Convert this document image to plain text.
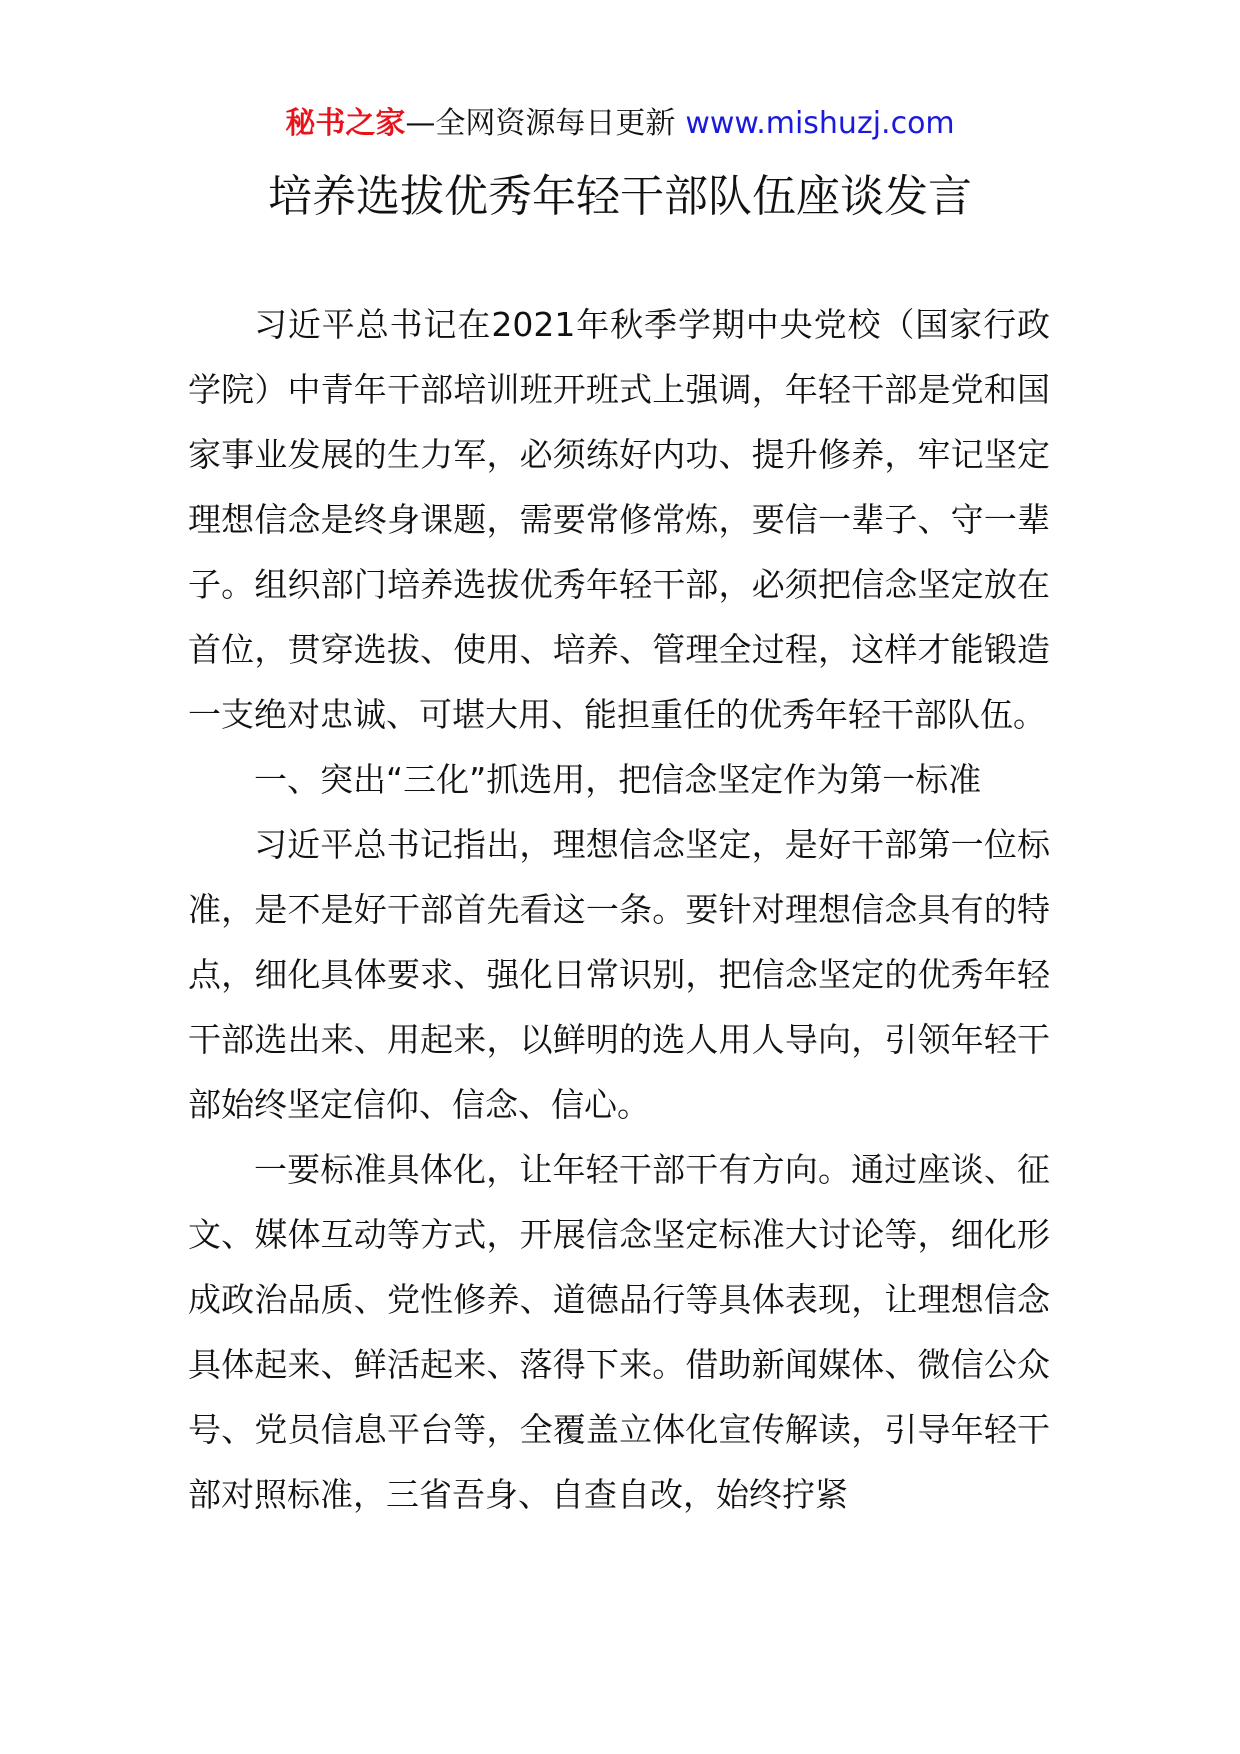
秘书之家—全网资源每日更新 www.mishuzj.com
培养选拔优秀年轻干部队伍座谈发言

习近平总书记在2021年秋季学期中央党校（国家行政学院）中青年干部培训班开班式上强调，年轻干部是党和国家事业发展的生力军，必须练好内功、提升修养，牢记坚定理想信念是终身课题，需要常修常炼，要信一辈子、守一辈子。组织部门培养选拔优秀年轻干部，必须把信念坚定放在首位，贯穿选拔、使用、培养、管理全过程，这样才能锻造一支绝对忠诚、可堪大用、能担重任的优秀年轻干部队伍。

一、突出“三化”抓选用，把信念坚定作为第一标准

习近平总书记指出，理想信念坚定，是好干部第一位标准，是不是好干部首先看这一条。要针对理想信念具有的特点，细化具体要求、强化日常识别，把信念坚定的优秀年轻干部选出来、用起来，以鲜明的选人用人导向，引领年轻干部始终坚定信仰、信念、信心。

一要标准具体化，让年轻干部干有方向。通过座谈、征文、媒体互动等方式，开展信念坚定标准大讨论等，细化形成政治品质、党性修养、道德品行等具体表现，让理想信念具体起来、鲜活起来、落得下来。借助新闻媒体、微信公众号、党员信息平台等，全覆盖立体化宣传解读，引导年轻干部对照标准，三省吾身、自查自改，始终拧紧
